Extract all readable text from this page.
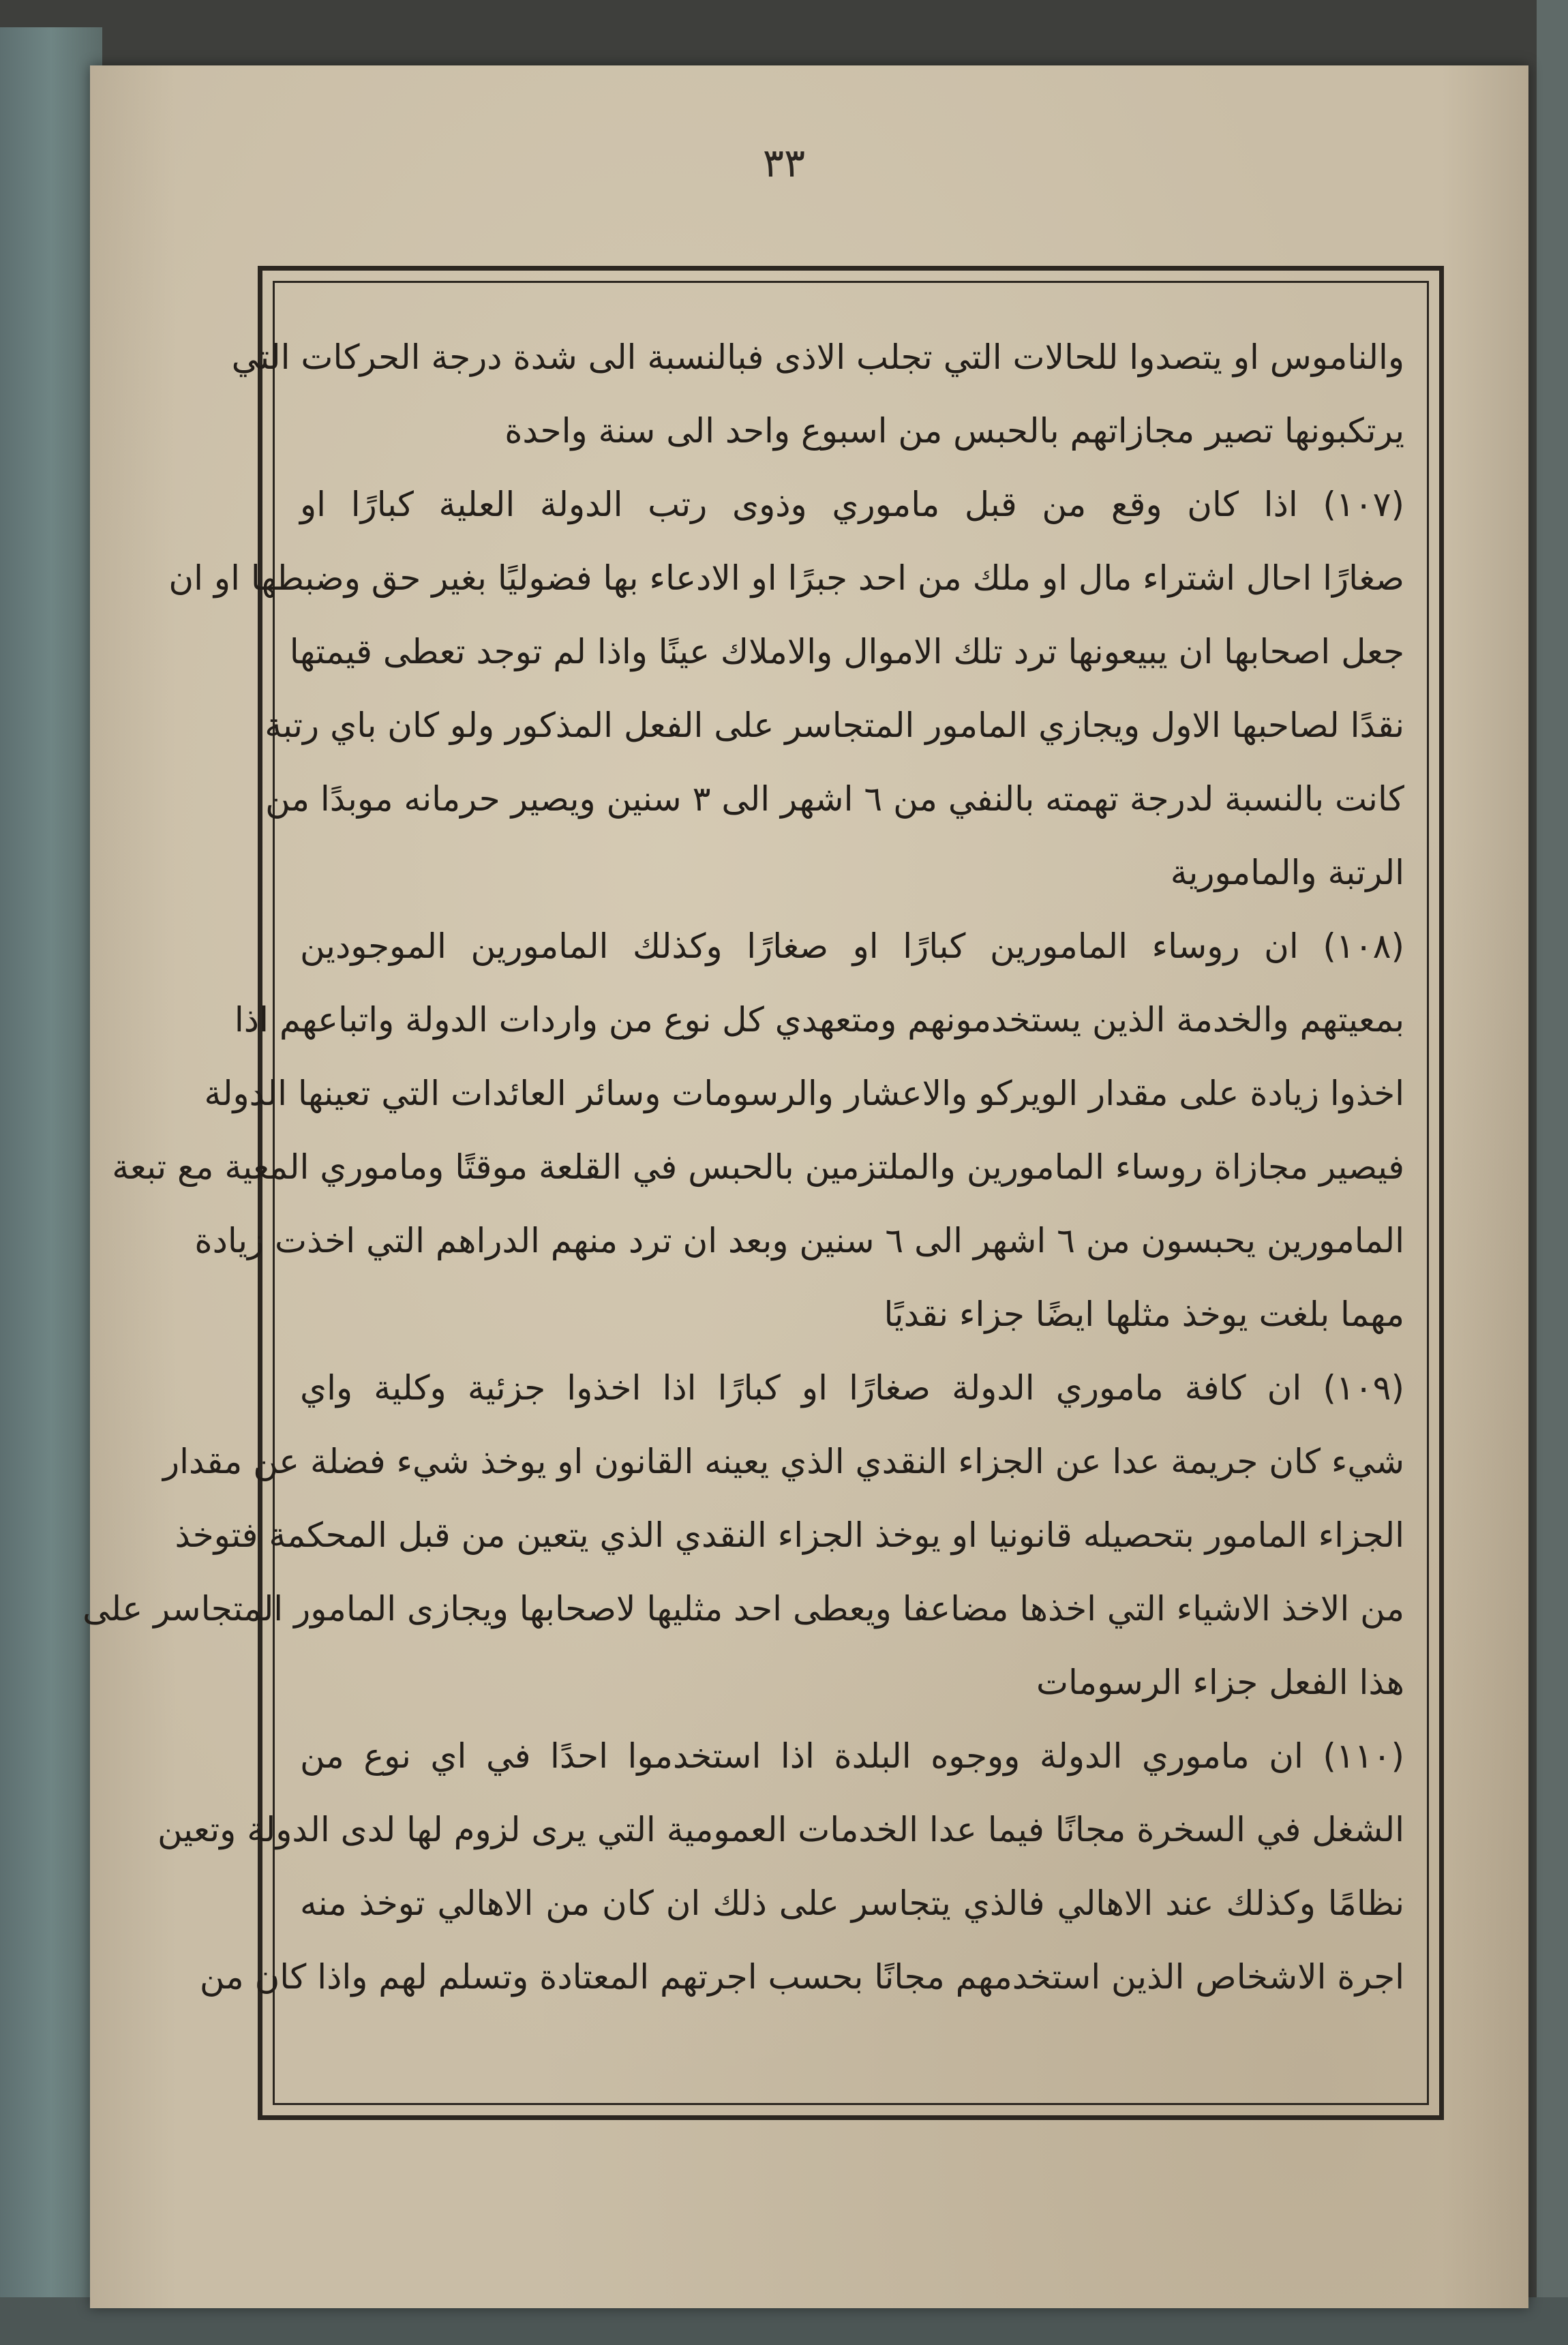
٣٣
والناموس او يتصدوا للحالات التي تجلب الاذى فبالنسبة الى شدة درجة الحركات التي
يرتكبونها تصير مجازاتهم بالحبس من اسبوع واحد الى سنة واحدة
(١٠٧) اذا كان وقع من قبل ماموري وذوى رتب الدولة العلية كبارًا او
صغارًا احال اشتراء مال او ملك من احد جبرًا او الادعاء بها فضوليًا بغير حق وضبطها او ان
جعل اصحابها ان يبيعونها ترد تلك الاموال والاملاك عينًا واذا لم توجد تعطى قيمتها
نقدًا لصاحبها الاول ويجازي المامور المتجاسر على الفعل المذكور ولو كان باي رتبة
كانت بالنسبة لدرجة تهمته بالنفي من ٦ اشهر الى ٣ سنين ويصير حرمانه موبدًا من
الرتبة والمامورية
(١٠٨) ان روساء المامورين كبارًا او صغارًا وكذلك المامورين الموجودين
بمعيتهم والخدمة الذين يستخدمونهم ومتعهدي كل نوع من واردات الدولة واتباعهم اذا
اخذوا زيادة على مقدار الويركو والاعشار والرسومات وسائر العائدات التي تعينها الدولة
فيصير مجازاة روساء المامورين والملتزمين بالحبس في القلعة موقتًا وماموري المعية مع تبعة
المامورين يحبسون من ٦ اشهر الى ٦ سنين وبعد ان ترد منهم الدراهم التي اخذت زيادة
مهما بلغت يوخذ مثلها ايضًا جزاء نقديًا
(١٠٩) ان كافة ماموري الدولة صغارًا او كبارًا اذا اخذوا جزئية وكلية واي
شيء كان جريمة عدا عن الجزاء النقدي الذي يعينه القانون او يوخذ شيء فضلة عن مقدار
الجزاء المامور بتحصيله قانونيا او يوخذ الجزاء النقدي الذي يتعين من قبل المحكمة فتوخذ
من الاخذ الاشياء التي اخذها مضاعفا ويعطى احد مثليها لاصحابها ويجازى المامور المتجاسر على
هذا الفعل جزاء الرسومات
(١١٠) ان ماموري الدولة ووجوه البلدة اذا استخدموا احدًا في اي نوع من
الشغل في السخرة مجانًا فيما عدا الخدمات العمومية التي يرى لزوم لها لدى الدولة وتعين
نظامًا وكذلك عند الاهالي فالذي يتجاسر على ذلك ان كان من الاهالي توخذ منه
اجرة الاشخاص الذين استخدمهم مجانًا بحسب اجرتهم المعتادة وتسلم لهم واذا كان من
